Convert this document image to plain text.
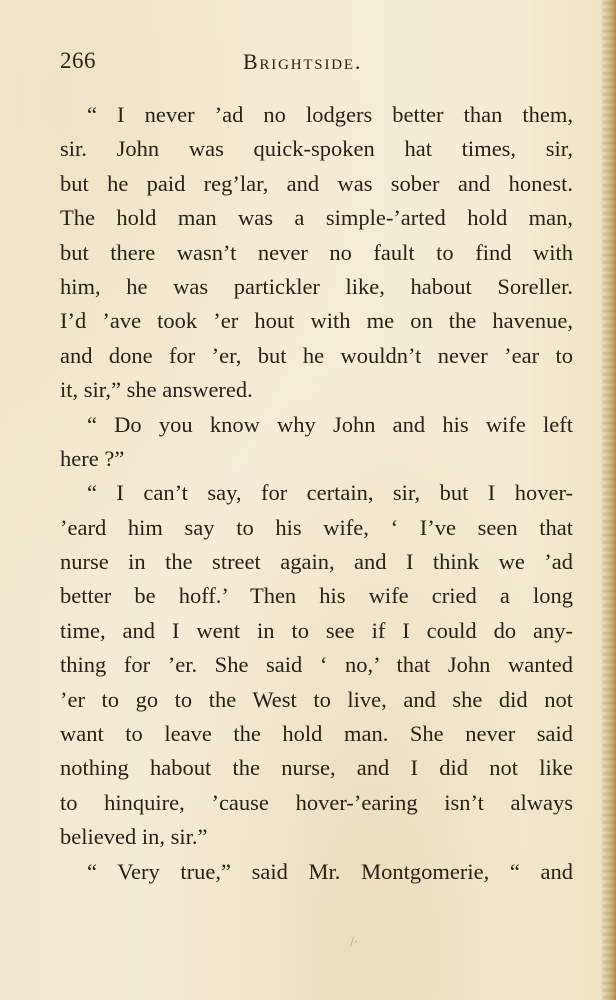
266	Brightside.
“ I never ’ad no lodgers better than them,
sir. John was quick-spoken hat times, sir,
but he paid reg’lar, and was sober and honest.
The hold man was a simple-’arted hold man,
but there wasn’t never no fault to find with
him, he was partickler like, habout Soreller.
I’d ’ave took ’er hout with me on the havenue,
and done for ’er, but he wouldn’t never ’ear to
it, sir,” she answered.
“ Do you know why John and his wife left
here ?”
“ I can’t say, for certain, sir, but I hover-
’eard him say to his wife, ‘ I’ve seen that
nurse in the street again, and I think we ’ad
better be hoff.’ Then his wife cried a long
time, and I went in to see if I could do any-
thing for ’er. She said ‘ no,’ that John wanted
’er to go to the West to live, and she did not
want to leave the hold man. She never said
nothing habout the nurse, and I did not like
to hinquire, ’cause hover-’earing isn’t always
believed in, sir.”
“ Very true,” said Mr. Montgomerie, “ and
/·
